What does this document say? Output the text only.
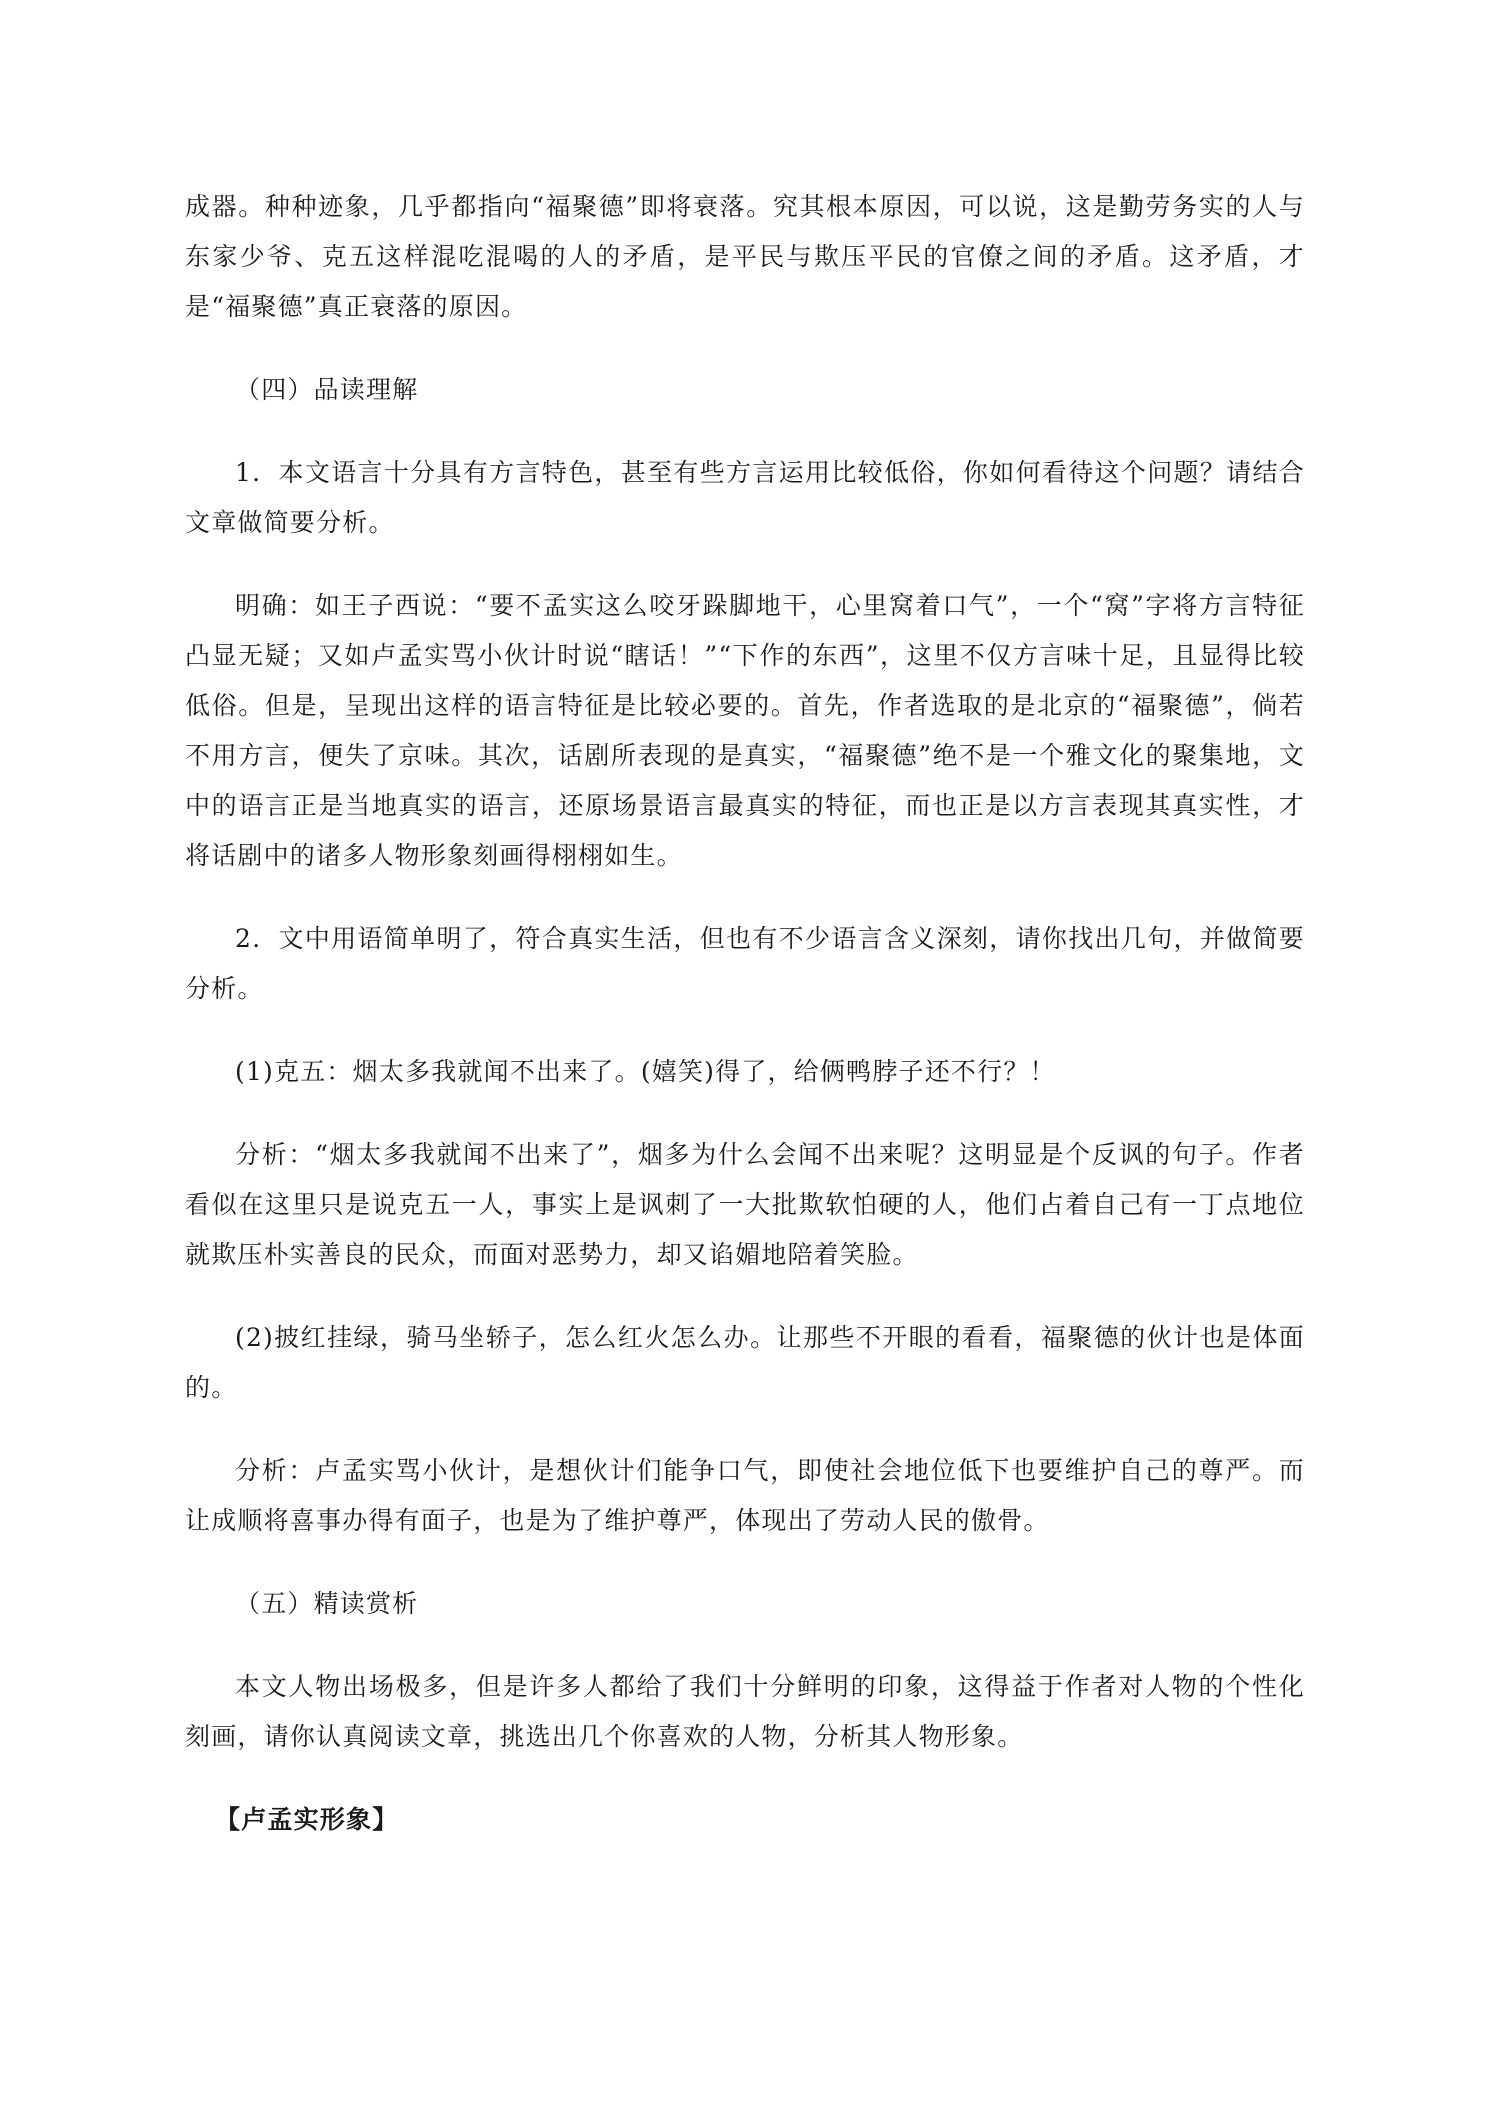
成器。种种迹象，几乎都指向“福聚德”即将衰落。究其根本原因，可以说，这是勤劳务实的人与东家少爷、克五这样混吃混喝的人的矛盾，是平民与欺压平民的官僚之间的矛盾。这矛盾，才是“福聚德”真正衰落的原因。

（四）品读理解

1．本文语言十分具有方言特色，甚至有些方言运用比较低俗，你如何看待这个问题？请结合文章做简要分析。

明确：如王子西说：“要不孟实这么咬牙跺脚地干，心里窝着口气”，一个“窝”字将方言特征凸显无疑；又如卢孟实骂小伙计时说“瞎话！”“下作的东西”，这里不仅方言味十足，且显得比较低俗。但是，呈现出这样的语言特征是比较必要的。首先，作者选取的是北京的“福聚德”，倘若不用方言，便失了京味。其次，话剧所表现的是真实，“福聚德”绝不是一个雅文化的聚集地，文中的语言正是当地真实的语言，还原场景语言最真实的特征，而也正是以方言表现其真实性，才将话剧中的诸多人物形象刻画得栩栩如生。

2．文中用语简单明了，符合真实生活，但也有不少语言含义深刻，请你找出几句，并做简要分析。

(1)克五：烟太多我就闻不出来了。(嬉笑)得了，给俩鸭脖子还不行？！

分析：“烟太多我就闻不出来了”，烟多为什么会闻不出来呢？这明显是个反讽的句子。作者看似在这里只是说克五一人，事实上是讽刺了一大批欺软怕硬的人，他们占着自己有一丁点地位就欺压朴实善良的民众，而面对恶势力，却又谄媚地陪着笑脸。

(2)披红挂绿，骑马坐轿子，怎么红火怎么办。让那些不开眼的看看，福聚德的伙计也是体面的。

分析：卢孟实骂小伙计，是想伙计们能争口气，即使社会地位低下也要维护自己的尊严。而让成顺将喜事办得有面子，也是为了维护尊严，体现出了劳动人民的傲骨。

（五）精读赏析

本文人物出场极多，但是许多人都给了我们十分鲜明的印象，这得益于作者对人物的个性化刻画，请你认真阅读文章，挑选出几个你喜欢的人物，分析其人物形象。

【卢孟实形象】
